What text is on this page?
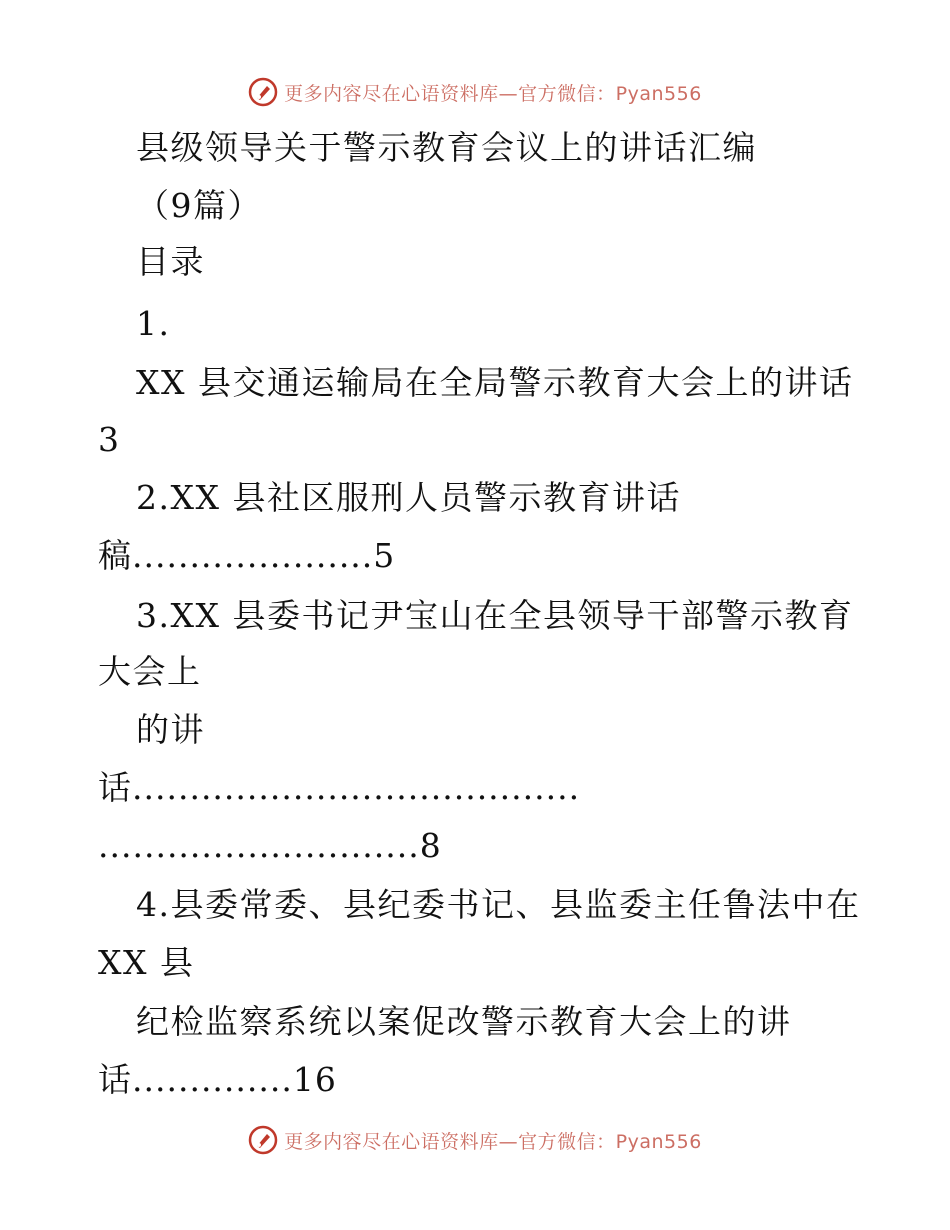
更多内容尽在心语资料库—官方微信：Pyan556
县级领导关于警示教育会议上的讲话汇编
（9篇）
目录
1.
XX 县交通运输局在全局警示教育大会上的讲话
3
2.XX 县社区服刑人员警示教育讲话
稿.....................5
3.XX 县委书记尹宝山在全县领导干部警示教育
大会上
的讲
话.......................................
............................8
4.县委常委、县纪委书记、县监委主任鲁法中在
XX 县
纪检监察系统以案促改警示教育大会上的讲
话..............16
更多内容尽在心语资料库—官方微信：Pyan556
